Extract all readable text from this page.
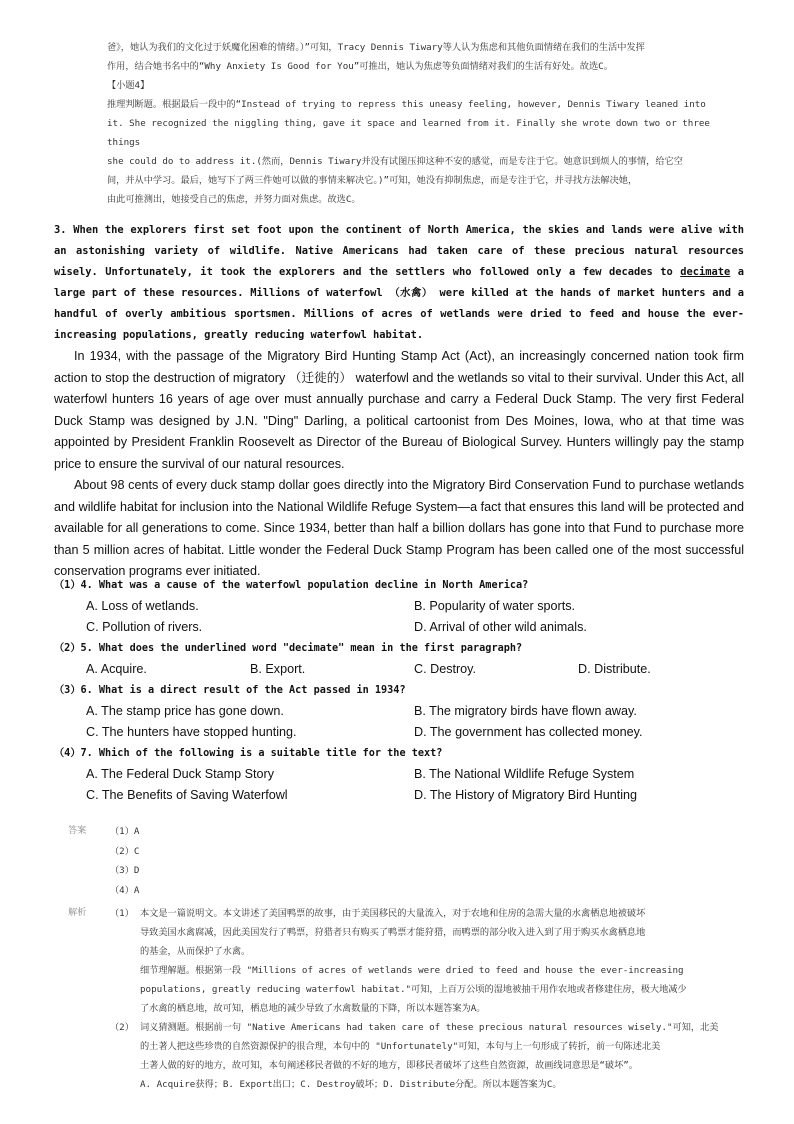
爸》，她认为我们的文化过于妖魔化困难的情绪。）”可知，Tracy Dennis Tiwary等人认为焦虑和其他负面情绪在我们的生活中发挥

作用，结合她书名中的“Why Anxiety Is Good for You”可推出，她认为焦虑等负面情绪对我们的生活有好处。故选C。

【小题4】

推理判断题。根据最后一段中的“Instead of trying to repress this uneasy feeling, however, Dennis Tiwary leaned into

it. She recognized the niggling thing, gave it space and learned from it. Finally she wrote down two or three things

she could do to address it.(然而，Dennis Tiwary并没有试图压抑这种不安的感觉，而是专注于它。她意识到烦人的事情，给它空

间，并从中学习。最后，她写下了两三件她可以做的事情来解决它。)”可知，她没有抑制焦虑，而是专注于它，并寻找方法解决她，

由此可推测出，她接受自己的焦虑，并努力面对焦虑。故选C。

3. When the explorers first set foot upon the continent of North America, the skies and lands were alive with an astonishing variety of wildlife. Native Americans had taken care of these precious natural resources wisely. Unfortunately, it took the explorers and the settlers who followed only a few decades to decimate a large part of these resources. Millions of waterfowl （水禽） were killed at the hands of market hunters and a handful of overly ambitious sportsmen. Millions of acres of wetlands were dried to feed and house the ever-increasing populations, greatly reducing waterfowl habitat.

In 1934, with the passage of the Migratory Bird Hunting Stamp Act (Act), an increasingly concerned nation took firm action to stop the destruction of migratory （迁徙的） waterfowl and the wetlands so vital to their survival. Under this Act, all waterfowl hunters 16 years of age over must annually purchase and carry a Federal Duck Stamp. The very first Federal Duck Stamp was designed by J.N. "Ding" Darling, a political cartoonist from Des Moines, Iowa, who at that time was appointed by President Franklin Roosevelt as Director of the Bureau of Biological Survey. Hunters willingly pay the stamp price to ensure the survival of our natural resources.

About 98 cents of every duck stamp dollar goes directly into the Migratory Bird Conservation Fund to purchase wetlands and wildlife habitat for inclusion into the National Wildlife Refuge System—a fact that ensures this land will be protected and available for all generations to come. Since 1934, better than half a billion dollars has gone into that Fund to purchase more than 5 million acres of habitat. Little wonder the Federal Duck Stamp Program has been called one of the most successful conservation programs ever initiated.

（1）4. What was a cause of the waterfowl population decline in North America?
A. Loss of wetlands.	B. Popularity of water sports.
C. Pollution of rivers.	D. Arrival of other wild animals.
（2）5. What does the underlined word "decimate" mean in the first paragraph?
A. Acquire.	B. Export.	C. Destroy.	D. Distribute.
（3）6. What is a direct result of the Act passed in 1934?
A. The stamp price has gone down.	B. The migratory birds have flown away.
C. The hunters have stopped hunting.	D. The government has collected money.
（4）7. Which of the following is a suitable title for the text?
A. The Federal Duck Stamp Story	B. The National Wildlife Refuge System
C. The Benefits of Saving Waterfowl	D. The History of Migratory Bird Hunting
答案	（1）A
（2）C
（3）D
（4）A
解析	（1） 本文是一篇说明文。本文讲述了美国鸭票的故事，由于美国移民的大量流入，对于农地和住房的急需大量的水禽栖息地被破坏

导致美国水禽腐减，因此美国发行了鸭票，狩猎者只有购买了鸭票才能狩猎，而鸭票的部分收入进入到了用于购买水禽栖息地

的基金，从而保护了水禽。

细节理解题。根据第一段 "Millions of acres of wetlands were dried to feed and house the ever-increasing

populations, greatly reducing waterfowl habitat."可知，上百万公顷的湿地被抽干用作农地或者修建住房，极大地减少

了水禽的栖息地，故可知，栖息地的减少导致了水禽数量的下降，所以本题答案为A。

（2） 词义猜测题。根据前一句 "Native Americans had taken care of these precious natural resources wisely."可知，北美

的土著人把这些珍贵的自然资源保护的很合理，本句中的 "Unfortunately"可知，本句与上一句形成了转折，前一句陈述北美

土著人做的好的地方，故可知，本句阐述移民者做的不好的地方，即移民者破坏了这些自然资源，故画线词意思是“破坏”。

A. Acquire获得；B. Export出口；C. Destroy破坏；D. Distribute分配。所以本题答案为C。
